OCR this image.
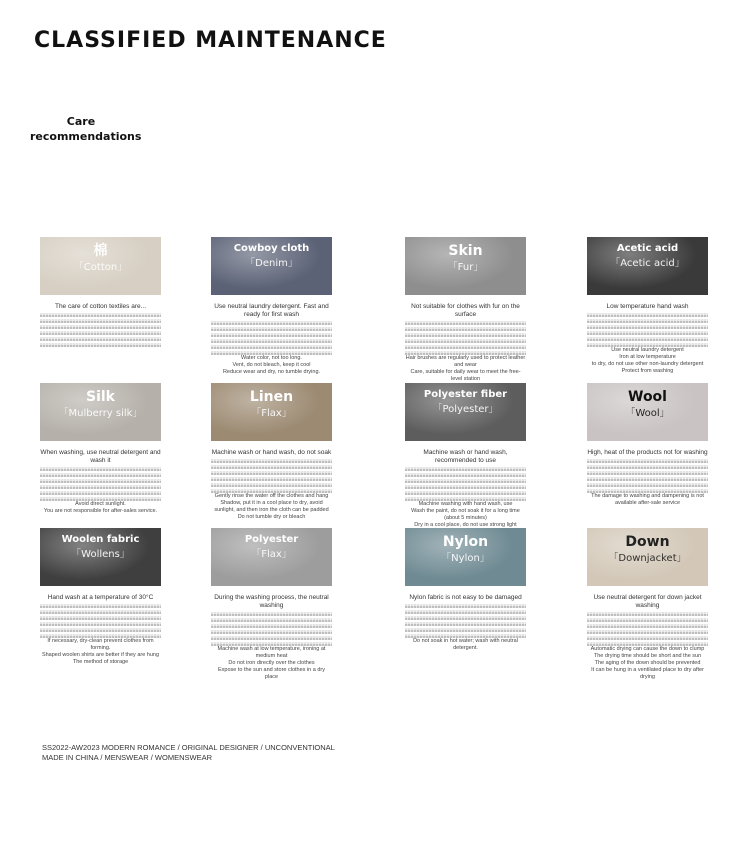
CLASSIFIED MAINTENANCE
Care recommendations
棉
「Cotton」

The care of cotton textiles are...

Cowboy cloth
「Denim」

Use neutral laundry detergent. Fast and ready for first wash

Water color, not too long.

Vent, do not bleach, keep it cool

Reduce wear and dry, no tumble drying.

Skin
「Fur」

Not suitable for clothes with fur on the surface

Hair brushes are regularly used to protect leather and wear

Care, suitable for daily wear to meet the free-level station

Acetic acid
「Acetic acid」

Low temperature hand wash

Use neutral laundry detergent

Iron at low temperature

to dry, do not use other non-laundry detergent

Protect from washing

Silk
「Mulberry silk」

When washing, use neutral detergent and wash it

Avoid direct sunlight.

You are not responsible for after-sales service.

Linen
「Flax」

Machine wash or hand wash, do not soak

Gently rinse the water off the clothes and hang

Shadow, put it in a cool place to dry, avoid sunlight, and then iron the cloth can be padded

Do not tumble dry or bleach

Polyester fiber
「Polyester」

Machine wash or hand wash, recommended to use

Machine washing with hand wash, use

Wash the paint, do not soak it for a long time (about 5 minutes)

Dry in a cool place, do not use strong light

Wool
「Wool」

High, heat of the products not for washing

The damage to washing and dampening is not available after-sale service

Woolen fabric
「Wollens」

Hand wash at a temperature of 30°C

If necessary, dry-clean prevent clothes from forming.

Shaped woolen shirts are better if they are hung

The method of storage

Polyester
「Flax」

During the washing process, the neutral washing

Machine wash at low temperature, ironing at medium heat

Do not iron directly over the clothes

Expose to the sun and store clothes in a dry place

Nylon
「Nylon」

Nylon fabric is not easy to be damaged

Do not soak in hot water; wash with neutral detergent.

Down
「Downjacket」

Use neutral detergent for down jacket washing

Automatic drying can cause the down to clump

The drying time should be short and the sun

The aging of the down should be prevented

It can be hung in a ventilated place to dry after drying

SS2022-AW2023 MODERN ROMANCE / ORIGINAL DESIGNER / UNCONVENTIONAL
MADE IN CHINA / MENSWEAR / WOMENSWEAR
